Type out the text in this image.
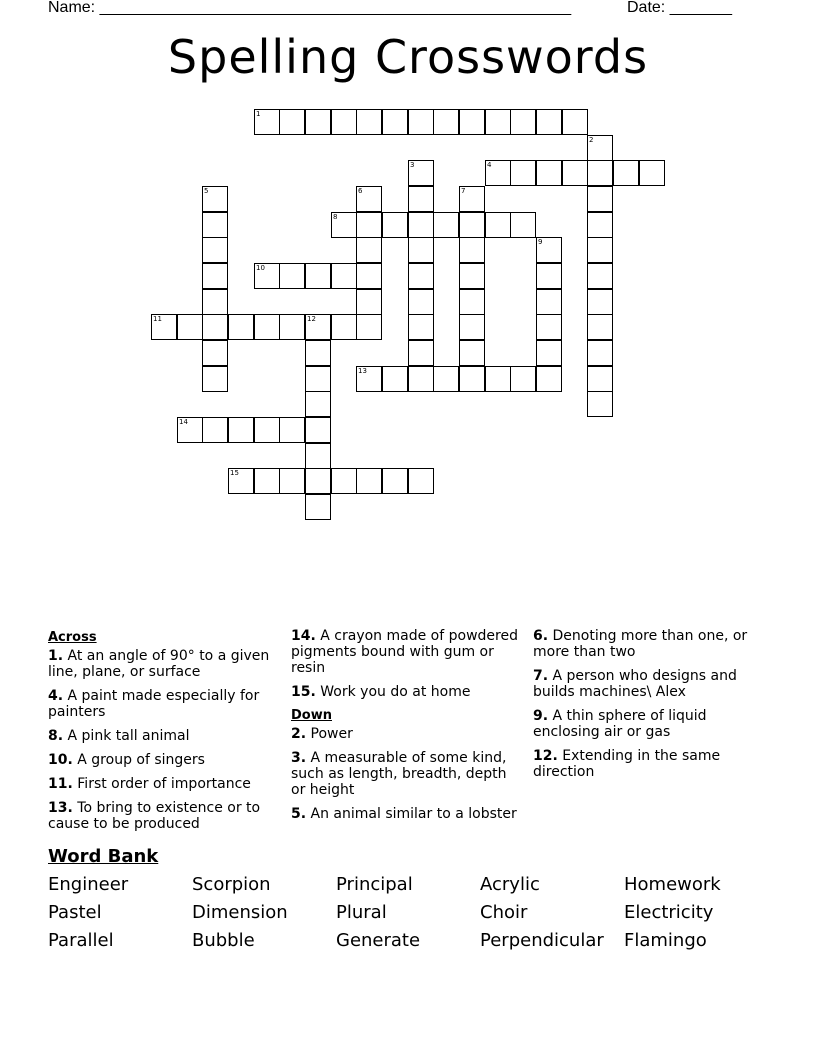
Name: _____________________________________________________	Date: _______
Spelling Crosswords
1
2
3	4
5	6	7
8
9
10
11	12
13
14
15
Across
1. At an angle of 90° to a given line, plane, or surface
4. A paint made especially for painters
8. A pink tall animal
10. A group of singers
11. First order of importance
13. To bring to existence or to cause to be produced
14. A crayon made of powdered pigments bound with gum or resin
15. Work you do at home
Down
2. Power
3. A measurable of some kind, such as length, breadth, depth or height
5. An animal similar to a lobster
6. Denoting more than one, or more than two
7. A person who designs and builds machines\ Alex
9. A thin sphere of liquid enclosing air or gas
12. Extending in the same direction
Word Bank
Engineer	Scorpion	Principal	Acrylic	Homework
Pastel	Dimension	Plural	Choir	Electricity
Parallel	Bubble	Generate	Perpendicular Flamingo
